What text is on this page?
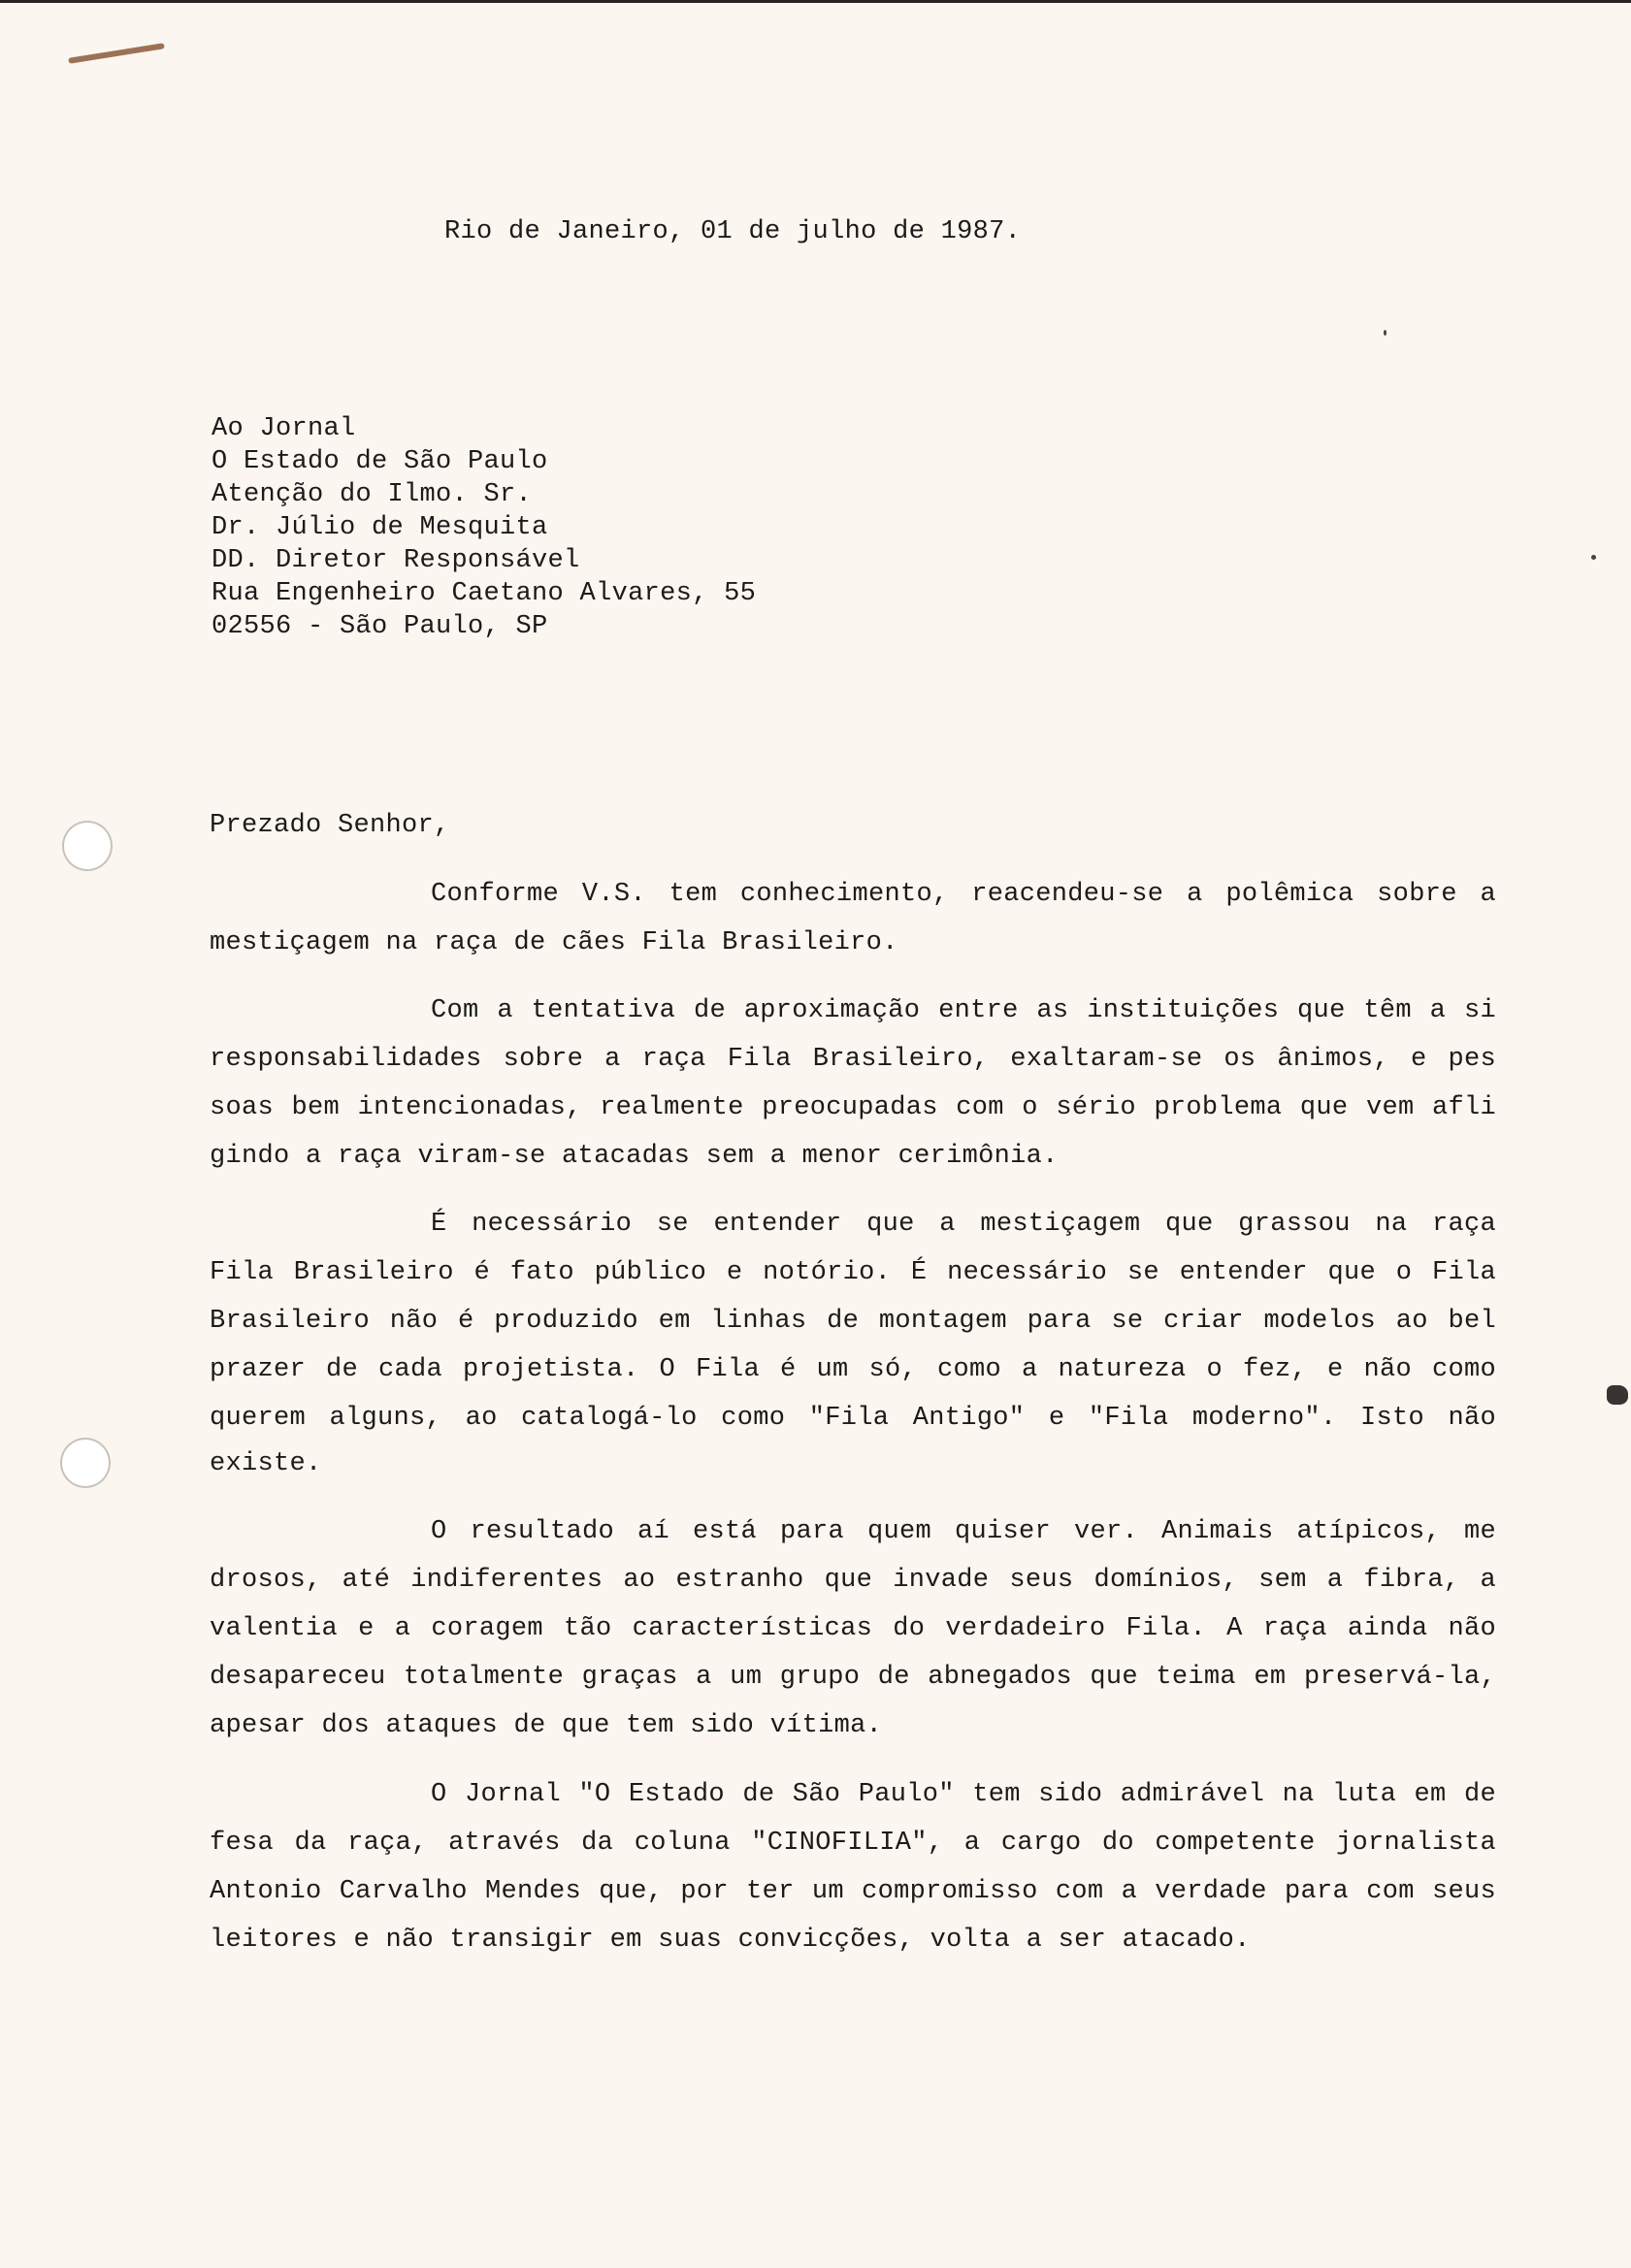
Rio de Janeiro, 01 de julho de 1987.
Ao Jornal
O Estado de São Paulo
Atenção do Ilmo. Sr.
Dr. Júlio de Mesquita
DD. Diretor Responsável
Rua Engenheiro Caetano Alvares, 55
02556 - São Paulo, SP
Prezado Senhor,
Conforme V.S. tem conhecimento, reacendeu-se a polêmica sobre a
mestiçagem na raça de cães Fila Brasileiro.
Com a tentativa de aproximação entre as instituições que têm a si
responsabilidades sobre a raça Fila Brasileiro, exaltaram-se os ânimos, e pes
soas bem intencionadas, realmente preocupadas com o sério problema que vem afli
gindo a raça viram-se atacadas sem a menor cerimônia.
É necessário se entender que a mestiçagem que grassou na raça
Fila Brasileiro é fato público e notório. É necessário se entender que o Fila
Brasileiro não é produzido em linhas de montagem para se criar modelos ao bel
prazer de cada projetista. O Fila é um só, como a natureza o fez, e não como
querem alguns, ao catalogá-lo como "Fila Antigo" e "Fila moderno". Isto não
existe.
O resultado aí está para quem quiser ver. Animais atípicos, me
drosos, até indiferentes ao estranho que invade seus domínios, sem a fibra, a
valentia e a coragem tão características do verdadeiro Fila. A raça ainda não
desapareceu totalmente graças a um grupo de abnegados que teima em preservá-la,
apesar dos ataques de que tem sido vítima.
O Jornal "O Estado de São Paulo" tem sido admirável na luta em de
fesa da raça, através da coluna "CINOFILIA", a cargo do competente jornalista
Antonio Carvalho Mendes que, por ter um compromisso com a verdade para com seus
leitores e não transigir em suas convicções, volta a ser atacado.
